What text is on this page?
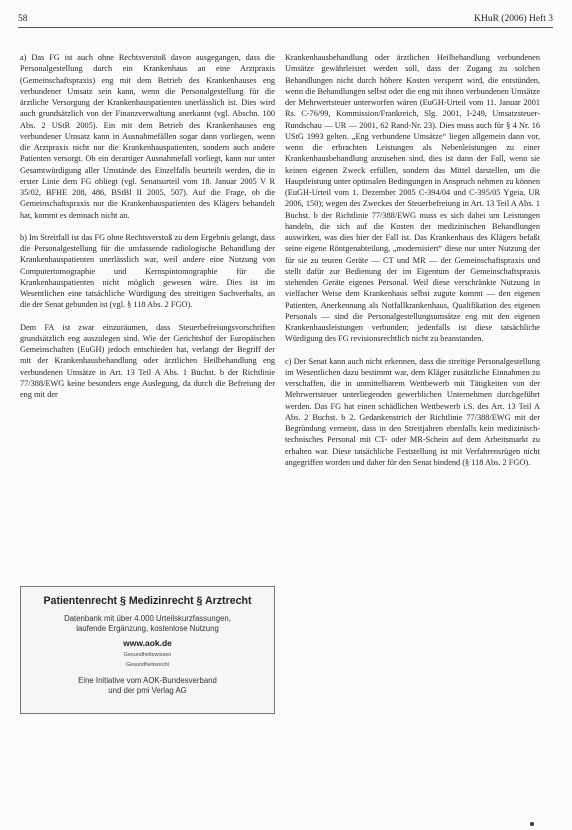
58	KHuR (2006) Heft 3

a) Das FG ist auch ohne Rechtsverstoß davon ausgegangen, dass die Personalgestellung durch ein Krankenhaus an eine Arztpraxis (Gemeinschaftspraxis) eng mit dem Betrieb des Krankenhauses eng verbundener Umsatz sein kann, wenn die Personalgestellung für die ärztliche Versorgung der Krankenhauspatienten unerlässlich ist. Dies wird auch grundsätzlich von der Finanzverwaltung anerkannt (vgl. Abschn. 100 Abs. 2 UStR 2005). Ein mit dem Betrieb des Krankenhauses eng verbundener Umsatz kann in Ausnahmefällen sogar dann vorliegen, wenn die Arztpraxis nicht nur die Krankenhauspatienten, sondern auch andere Patienten versorgt. Ob ein derartiger Ausnahmefall vorliegt, kann nur unter Gesamtwürdigung aller Umstände des Einzelfalls beurteilt werden, die in erster Linie dem FG obliegt (vgl. Senatsurteil vom 18. Januar 2005 V R 35/02, BFHE 208, 486, BStBl II 2005, 507). Auf die Frage, ob die Gemeinschaftspraxis nur die Krankenhauspatienten des Klägers behandelt hat, kommt es demnach nicht an.

b) Im Streitfall ist das FG ohne Rechtsverstoß zu dem Ergebnis gelangt, dass die Personalgestellung für die umfassende radiologische Behandlung der Krankenhauspatienten unerlässlich war, weil andere eine Nutzung von Computertomographie und Kernspintomographie für die Krankenhauspatienten nicht möglich gewesen wäre. Dies ist im Wesentlichen eine tatsächliche Würdigung des streitigen Sachverhalts, an die der Senat gebunden ist (vgl. § 118 Abs. 2 FGO).

Dem FA ist zwar einzuräumen, dass Steuerbefreiungsvorschriften grundsätzlich eng auszulegen sind. Wie der Gerichtshof der Europäischen Gemeinschaften (EuGH) jedoch entschieden hat, verlangt der Begriff der mit der Krankenhausbehandlung oder ärztlichen Heilbehandlung eng verbundenen Umsätze in Art. 13 Teil A Abs. 1 Buchst. b der Richtlinie 77/388/EWG keine besonders enge Auslegung, da durch die Befreiung der eng mit der

Patientenrecht § Medizinrecht § Arztrecht
Datenbank mit über 4.000 Urteilskurzfassungen,
laufende Ergänzung, kostenlose Nutzung
www.aok.de
Gesundheitswissen
Gesundheitsrecht
Eine Initiative vom AOK-Bundesverband
und der pmi Verlag AG

Krankenhausbehandlung oder ärztlichen Heilbehandlung verbundenen Umsätze gewährleistet werden soll, dass der Zugang zu solchen Behandlungen nicht durch höhere Kosten versperrt wird, die entstünden, wenn die Behandlungen selbst oder die eng mit ihnen verbundenen Umsätze der Mehrwertsteuer unterworfen wären (EuGH-Urteil vom 11. Januar 2001 Rs. C-76/99, Kommission/Frankreich, Slg. 2001, I-249, Umsatzsteuer-Rundschau — UR — 2001, 62 Rand-Nr. 23). Dies muss auch für § 4 Nr. 16 UStG 1993 gelten. „Eng verbundene Umsätze“ liegen allgemein dann vor, wenn die erbrachten Leistungen als Nebenleistungen zu einer Krankenhausbehandlung anzusehen sind, dies ist dann der Fall, wenn sie keinen eigenen Zweck erfüllen, sondern das Mittel darstellen, um die Hauptleistung unter optimalen Bedingungen in Anspruch nehmen zu können (EuGH-Urteil vom 1. Dezember 2005 C-394/04 und C-395/05 Ygeia, UR 2006, 150); wegen des Zweckes der Steuerbefreiung in Art. 13 Teil A Abs. 1 Buchst. b der Richtlinie 77/388/EWG muss es sich dabei um Leistungen handeln, die sich auf die Kosten der medizinischen Behandlungen auswirken, was dies hier der Fall ist. Das Krankenhaus des Klägers befaßt seine eigene Röntgenabteilung, „modernisiert“ diese nur unter Nutzung der für sie zu teuren Geräte — CT und MR — der Gemeinschaftspraxis und stellt dafür zur Bedienung der im Eigentum der Gemeinschaftspraxis stehenden Geräte eigenes Personal. Weil diese verschränkte Nutzung in vielfacher Weise dem Krankenhaus selbst zugute kommt — den eigenen Patienten, Anerkennung als Notfallkrankenhaus, Qualifikation des eigenen Personals — sind die Personalgestellungsumsätze eng mit den eigenen Krankenhausleistungen verbunden; jedenfalls ist diese tatsächliche Würdigung des FG revisionsrechtlich nicht zu beanstanden.

c) Der Senat kann auch nicht erkennen, dass die streitige Personalgestellung im Wesentlichen dazu bestimmt war, dem Kläger zusätzliche Einnahmen zu verschaffen, die in unmittelbarem Wettbewerb mit Tätigkeiten von der Mehrwertsteuer unterliegenden gewerblichen Unternehmen durchgeführt werden. Das FG hat einen schädlichen Wettbewerb i.S. des Art. 13 Teil A Abs. 2 Buchst. b 2. Gedankenstrich der Richtlinie 77/388/EWG mit der Begründung verneint, dass in den Streitjahren ebenfalls kein medizinisch-technisches Personal mit CT- oder MR-Schein auf dem Arbeitsmarkt zu erhalten war. Diese tatsächliche Feststellung ist mit Verfahrensrügen nicht angegriffen worden und daher für den Senat bindend (§ 118 Abs. 2 FGO).
